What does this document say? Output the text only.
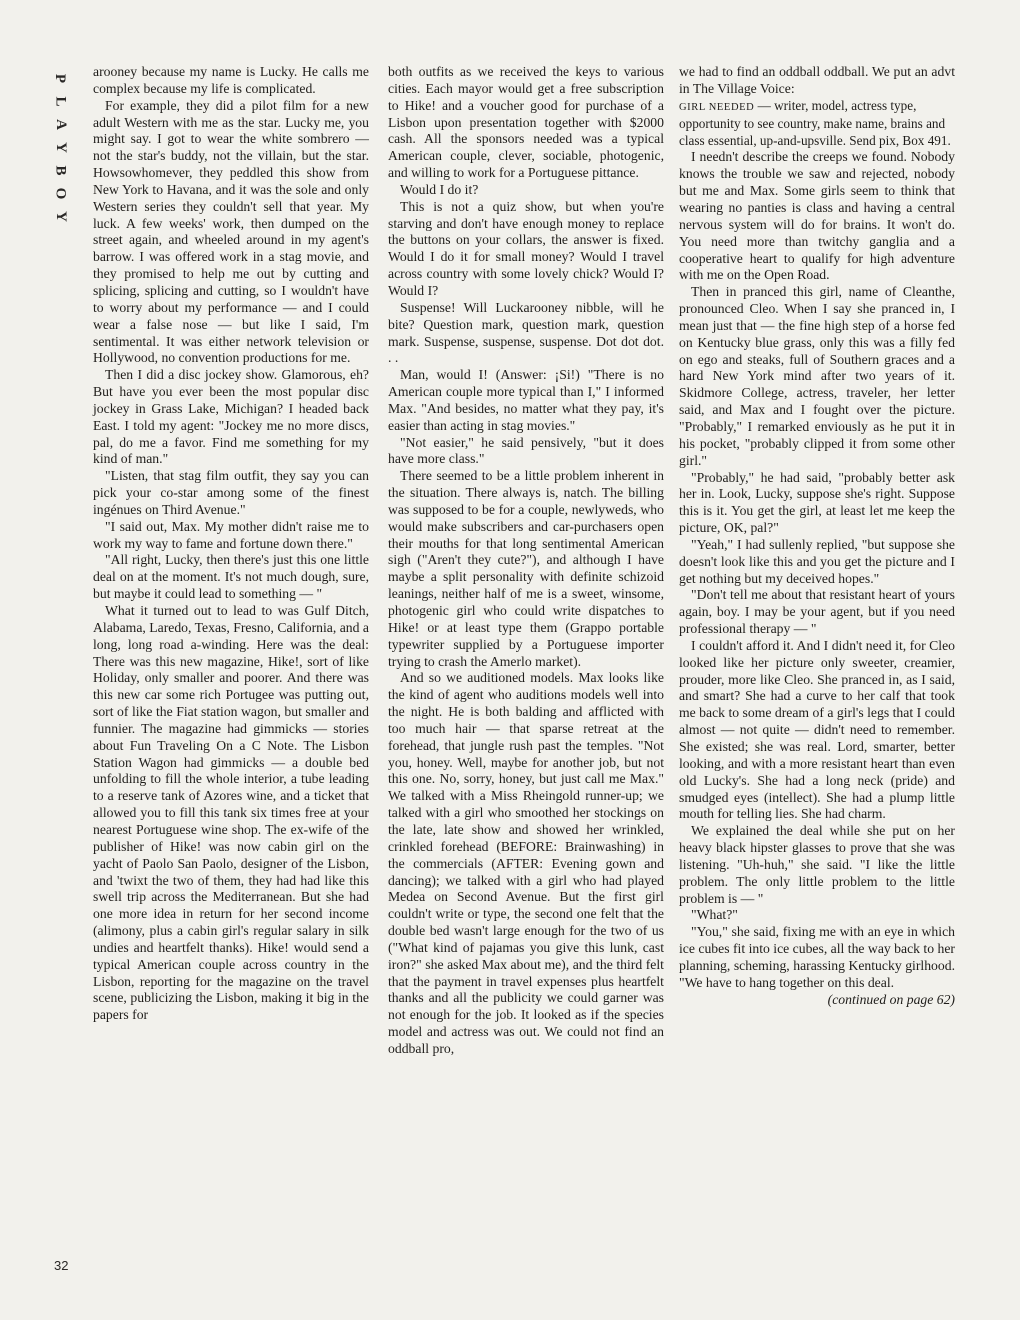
P
L
A
Y
B
O
Y

arooney because my name is Lucky. He calls me complex because my life is complicated.

For example, they did a pilot film for a new adult Western with me as the star. Lucky me, you might say. I got to wear the white sombrero — not the star's buddy, not the villain, but the star. Howsowhomever, they peddled this show from New York to Havana, and it was the sole and only Western series they couldn't sell that year. My luck. A few weeks' work, then dumped on the street again, and wheeled around in my agent's barrow. I was offered work in a stag movie, and they promised to help me out by cutting and splicing, splicing and cutting, so I wouldn't have to worry about my performance — and I could wear a false nose — but like I said, I'm sentimental. It was either network television or Hollywood, no convention productions for me.

Then I did a disc jockey show. Glamorous, eh? But have you ever been the most popular disc jockey in Grass Lake, Michigan? I headed back East. I told my agent: "Jockey me no more discs, pal, do me a favor. Find me something for my kind of man."

"Listen, that stag film outfit, they say you can pick your co-star among some of the finest ingénues on Third Avenue."

"I said out, Max. My mother didn't raise me to work my way to fame and fortune down there."

"All right, Lucky, then there's just this one little deal on at the moment. It's not much dough, sure, but maybe it could lead to something — "

What it turned out to lead to was Gulf Ditch, Alabama, Laredo, Texas, Fresno, California, and a long, long road a-winding. Here was the deal: There was this new magazine, Hike!, sort of like Holiday, only smaller and poorer. And there was this new car some rich Portugee was putting out, sort of like the Fiat station wagon, but smaller and funnier. The magazine had gimmicks — stories about Fun Traveling On a C Note. The Lisbon Station Wagon had gimmicks — a double bed unfolding to fill the whole interior, a tube leading to a reserve tank of Azores wine, and a ticket that allowed you to fill this tank six times free at your nearest Portuguese wine shop. The ex-wife of the publisher of Hike! was now cabin girl on the yacht of Paolo San Paolo, designer of the Lisbon, and 'twixt the two of them, they had had like this swell trip across the Mediterranean. But she had one more idea in return for her second income (alimony, plus a cabin girl's regular salary in silk undies and heartfelt thanks). Hike! would send a typical American couple across country in the Lisbon, reporting for the magazine on the travel scene, publicizing the Lisbon, making it big in the papers for

both outfits as we received the keys to various cities. Each mayor would get a free subscription to Hike! and a voucher good for purchase of a Lisbon upon presentation together with $2000 cash. All the sponsors needed was a typical American couple, clever, sociable, photogenic, and willing to work for a Portuguese pittance.

Would I do it?

This is not a quiz show, but when you're starving and don't have enough money to replace the buttons on your collars, the answer is fixed. Would I do it for small money? Would I travel across country with some lovely chick? Would I? Would I?

Suspense! Will Luckarooney nibble, will he bite? Question mark, question mark, question mark. Suspense, suspense, suspense. Dot dot dot. . .

Man, would I! (Answer: ¡Si!) "There is no American couple more typical than I," I informed Max. "And besides, no matter what they pay, it's easier than acting in stag movies."

"Not easier," he said pensively, "but it does have more class."

There seemed to be a little problem inherent in the situation. There always is, natch. The billing was supposed to be for a couple, newlyweds, who would make subscribers and car-purchasers open their mouths for that long sentimental American sigh ("Aren't they cute?"), and although I have maybe a split personality with definite schizoid leanings, neither half of me is a sweet, winsome, photogenic girl who could write dispatches to Hike! or at least type them (Grappo portable typewriter supplied by a Portuguese importer trying to crash the Amerlo market).

And so we auditioned models. Max looks like the kind of agent who auditions models well into the night. He is both balding and afflicted with too much hair — that sparse retreat at the forehead, that jungle rush past the temples. "Not you, honey. Well, maybe for another job, but not this one. No, sorry, honey, but just call me Max." We talked with a Miss Rheingold runner-up; we talked with a girl who smoothed her stockings on the late, late show and showed her wrinkled, crinkled forehead (BEFORE: Brainwashing) in the commercials (AFTER: Evening gown and dancing); we talked with a girl who had played Medea on Second Avenue. But the first girl couldn't write or type, the second one felt that the double bed wasn't large enough for the two of us ("What kind of pajamas you give this lunk, cast iron?" she asked Max about me), and the third felt that the payment in travel expenses plus heartfelt thanks and all the publicity we could garner was not enough for the job. It looked as if the species model and actress was out. We could not find an oddball pro,

we had to find an oddball oddball. We put an advt in The Village Voice:

GIRL NEEDED — writer, model, actress type, opportunity to see country, make name, brains and class essential, up-and-upsville. Send pix, Box 491.

I needn't describe the creeps we found. Nobody knows the trouble we saw and rejected, nobody but me and Max. Some girls seem to think that wearing no panties is class and having a central nervous system will do for brains. It won't do. You need more than twitchy ganglia and a cooperative heart to qualify for high adventure with me on the Open Road.

Then in pranced this girl, name of Cleanthe, pronounced Cleo. When I say she pranced in, I mean just that — the fine high step of a horse fed on Kentucky blue grass, only this was a filly fed on ego and steaks, full of Southern graces and a hard New York mind after two years of it. Skidmore College, actress, traveler, her letter said, and Max and I fought over the picture. "Probably," I remarked enviously as he put it in his pocket, "probably clipped it from some other girl."

"Probably," he had said, "probably better ask her in. Look, Lucky, suppose she's right. Suppose this is it. You get the girl, at least let me keep the picture, OK, pal?"

"Yeah," I had sullenly replied, "but suppose she doesn't look like this and you get the picture and I get nothing but my deceived hopes."

"Don't tell me about that resistant heart of yours again, boy. I may be your agent, but if you need professional therapy — "

I couldn't afford it. And I didn't need it, for Cleo looked like her picture only sweeter, creamier, prouder, more like Cleo. She pranced in, as I said, and smart? She had a curve to her calf that took me back to some dream of a girl's legs that I could almost — not quite — didn't need to remember. She existed; she was real. Lord, smarter, better looking, and with a more resistant heart than even old Lucky's. She had a long neck (pride) and smudged eyes (intellect). She had a plump little mouth for telling lies. She had charm.

We explained the deal while she put on her heavy black hipster glasses to prove that she was listening. "Uh-huh," she said. "I like the little problem. The only little problem to the little problem is — "

"What?"

"You," she said, fixing me with an eye in which ice cubes fit into ice cubes, all the way back to her planning, scheming, harassing Kentucky girlhood. "We have to hang together on this deal.

(continued on page 62)

32
